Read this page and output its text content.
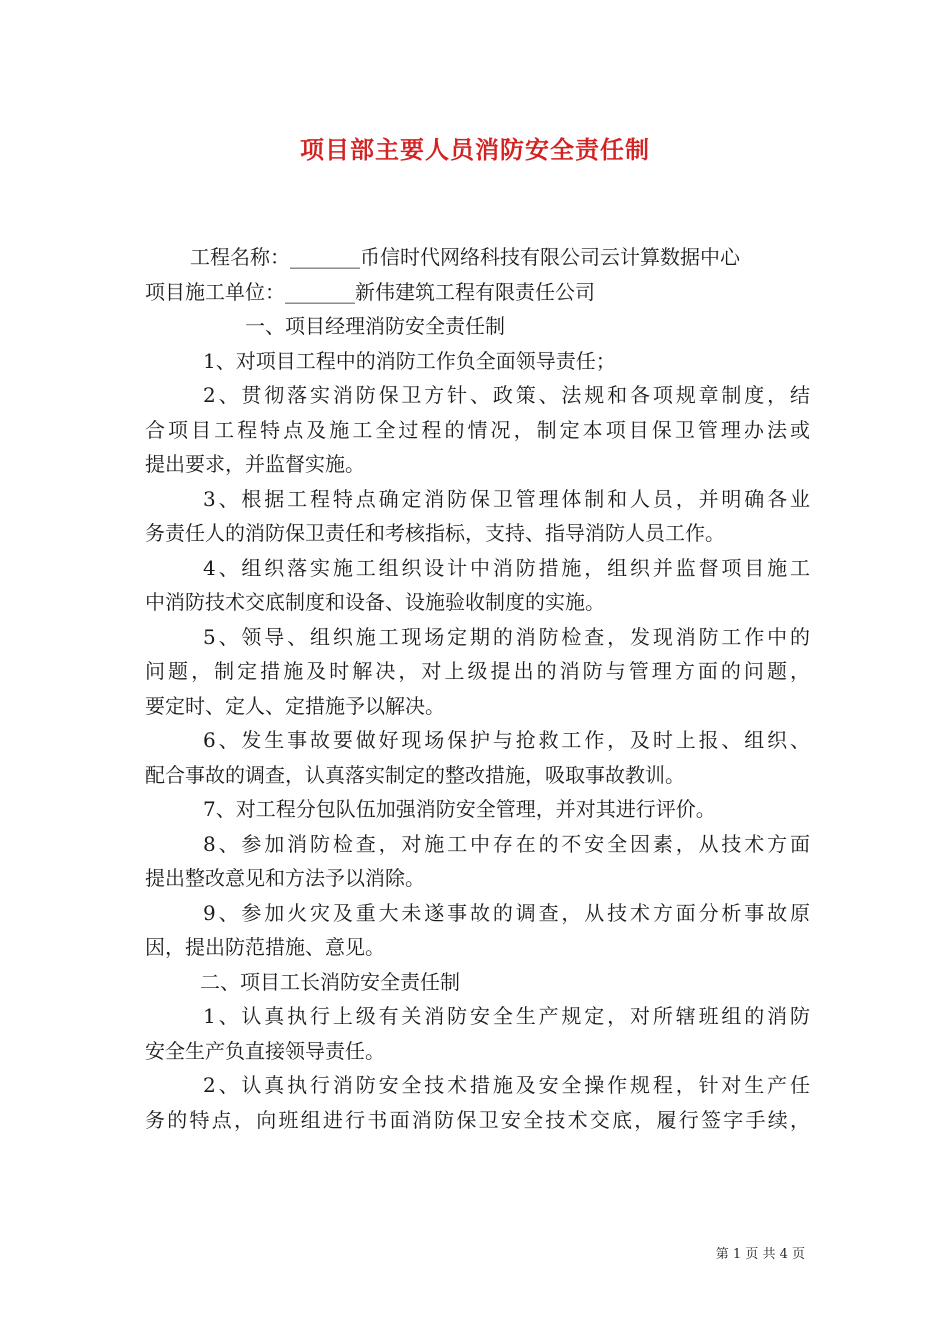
项目部主要人员消防安全责任制
工程名称：_______币信时代网络科技有限公司云计算数据中心
项目施工单位：_______新伟建筑工程有限责任公司
一、项目经理消防安全责任制
1、对项目工程中的消防工作负全面领导责任；
2、贯彻落实消防保卫方针、政策、法规和各项规章制度，结
合项目工程特点及施工全过程的情况，制定本项目保卫管理办法或
提出要求，并监督实施。
3、根据工程特点确定消防保卫管理体制和人员，并明确各业
务责任人的消防保卫责任和考核指标，支持、指导消防人员工作。
4、组织落实施工组织设计中消防措施，组织并监督项目施工
中消防技术交底制度和设备、设施验收制度的实施。
5、领导、组织施工现场定期的消防检查，发现消防工作中的
问题，制定措施及时解决，对上级提出的消防与管理方面的问题，
要定时、定人、定措施予以解决。
6、发生事故要做好现场保护与抢救工作，及时上报、组织、
配合事故的调查，认真落实制定的整改措施，吸取事故教训。
7、对工程分包队伍加强消防安全管理，并对其进行评价。
8、参加消防检查，对施工中存在的不安全因素，从技术方面
提出整改意见和方法予以消除。
9、参加火灾及重大未遂事故的调查，从技术方面分析事故原
因，提出防范措施、意见。
二、项目工长消防安全责任制
1、认真执行上级有关消防安全生产规定，对所辖班组的消防
安全生产负直接领导责任。
2、认真执行消防安全技术措施及安全操作规程，针对生产任
务的特点，向班组进行书面消防保卫安全技术交底，履行签字手续，
第 1 页 共 4 页
